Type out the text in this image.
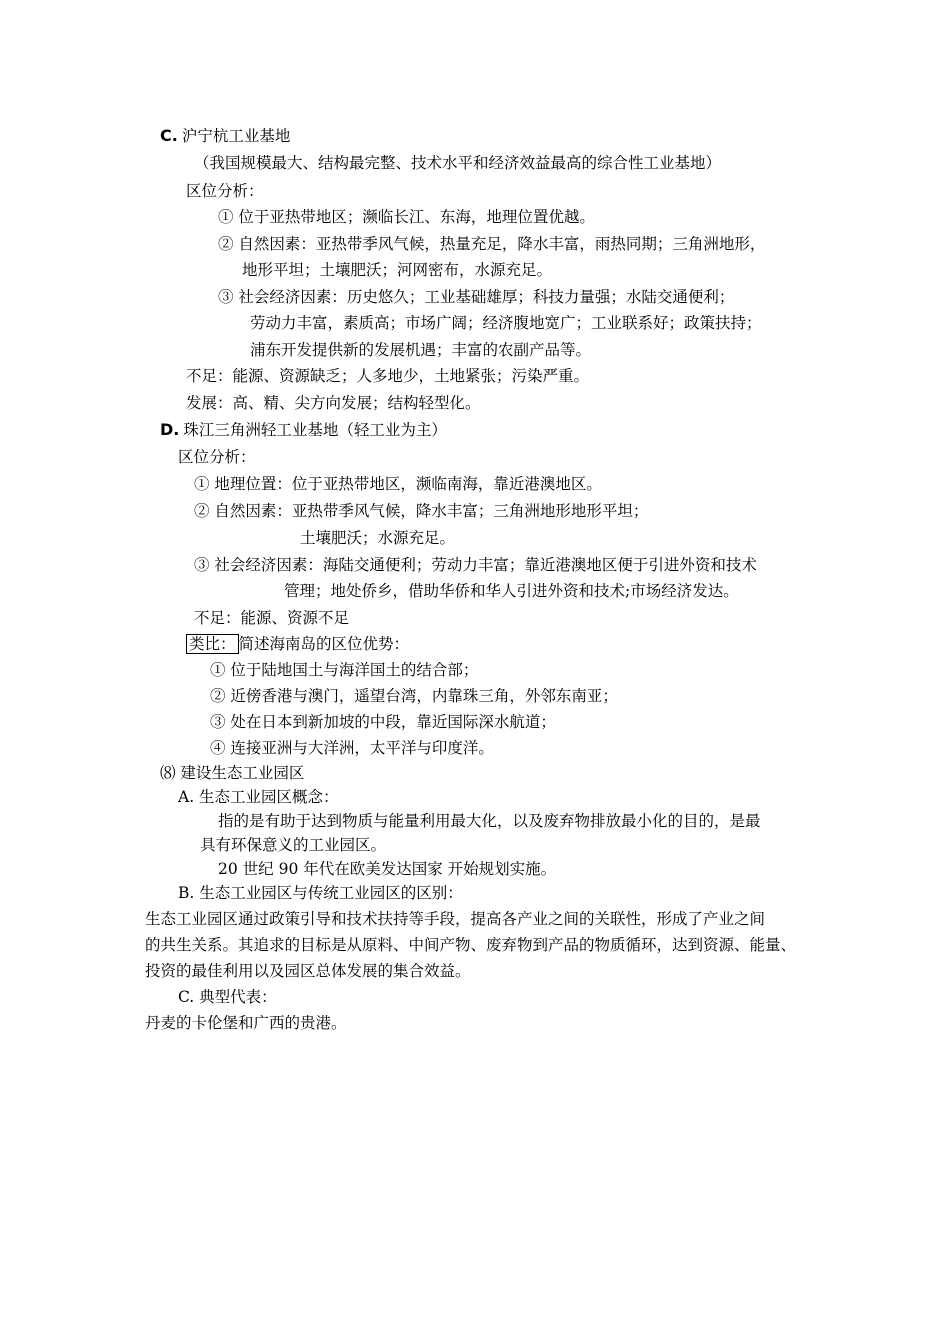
C. 沪宁杭工业基地
（我国规模最大、结构最完整、技术水平和经济效益最高的综合性工业基地）
区位分析：
① 位于亚热带地区；濒临长江、东海，地理位置优越。
② 自然因素：亚热带季风气候，热量充足，降水丰富，雨热同期；三角洲地形，
地形平坦；土壤肥沃；河网密布，水源充足。
③ 社会经济因素：历史悠久；工业基础雄厚；科技力量强；水陆交通便利；
劳动力丰富，素质高；市场广阔；经济腹地宽广；工业联系好；政策扶持；
浦东开发提供新的发展机遇；丰富的农副产品等。
不足：能源、资源缺乏；人多地少，土地紧张；污染严重。
发展：高、精、尖方向发展；结构轻型化。
D. 珠江三角洲轻工业基地（轻工业为主）
区位分析：
① 地理位置：位于亚热带地区，濒临南海，靠近港澳地区。
② 自然因素：亚热带季风气候，降水丰富；三角洲地形地形平坦；
土壤肥沃；水源充足。
③ 社会经济因素：海陆交通便利；劳动力丰富；靠近港澳地区便于引进外资和技术
管理；地处侨乡，借助华侨和华人引进外资和技术;市场经济发达。
不足：能源、资源不足
类比： 简述海南岛的区位优势：
① 位于陆地国土与海洋国土的结合部；
② 近傍香港与澳门，遥望台湾，内靠珠三角，外邻东南亚；
③ 处在日本到新加坡的中段，靠近国际深水航道；
④ 连接亚洲与大洋洲，太平洋与印度洋。
⑻ 建设生态工业园区
A. 生态工业园区概念：
指的是有助于达到物质与能量利用最大化，以及废弃物排放最小化的目的，是最
具有环保意义的工业园区。
20 世纪 90 年代在欧美发达国家 开始规划实施。
B. 生态工业园区与传统工业园区的区别：
生态工业园区通过政策引导和技术扶持等手段，提高各产业之间的关联性，形成了产业之间
的共生关系。其追求的目标是从原料、中间产物、废弃物到产品的物质循环，达到资源、能量、
投资的最佳利用以及园区总体发展的集合效益。
C. 典型代表：
丹麦的卡伦堡和广西的贵港。
